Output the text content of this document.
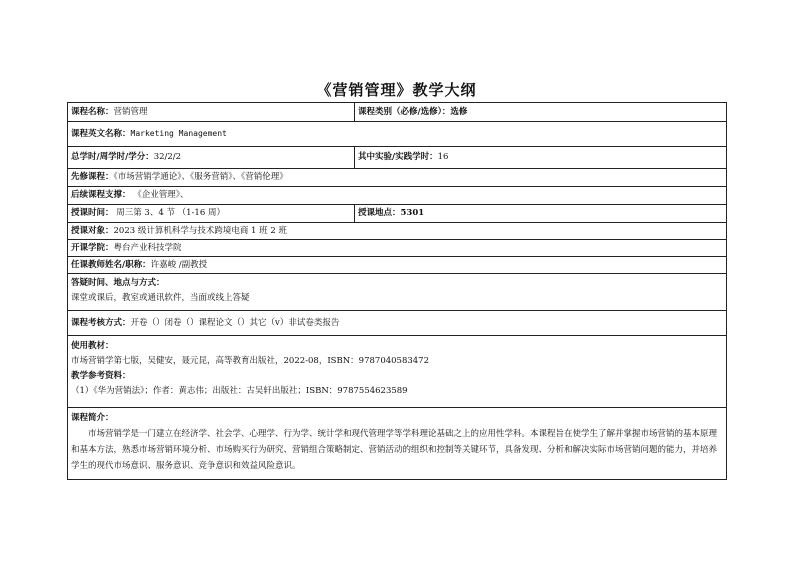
《营销管理》教学大纲
课程名称：营销管理	课程类别（必修/选修）：选修
课程英文名称：Marketing Management	
总学时/周学时/学分：32/2/2	其中实验/实践学时：16
先修课程：《市场营销学通论》、《服务营销》、《营销伦理》	
后续课程支撑： 《企业管理》、	
授课时间： 周三第 3、4 节 （1-16 周）	授课地点：5301
授课对象：2023 级计算机科学与技术跨境电商 1 班 2 班	
开课学院：粤台产业科技学院	
任课教师姓名/职称：许嘉峻 /副教授	

答疑时间、地点与方式：
课堂或课后，教室或通讯软件，当面或线上答疑	

课程考核方式：开卷（）闭卷（）课程论文（）其它（v）非试卷类报告	

使用教材：
市场营销学第七版，吴健安，聂元昆，高等教育出版社，2022-08，ISBN：9787040583472
教学参考资料：
（1）《华为营销法》；作者：黄志伟；出版社：古吴轩出版社；ISBN：9787554623589	

课程简介：
市场营销学是一门建立在经济学、社会学、心理学、行为学、统计学和现代管理学等学科理论基础之上的应用性学科。本课程旨在使学生了解并掌握市场营销的基本原理和基本方法，熟悉市场营销环境分析、市场购买行为研究、营销组合策略制定、营销活动的组织和控制等关键环节，具备发现、分析和解决实际市场营销问题的能力，并培养学生的现代市场意识、服务意识、竞争意识和效益风险意识。	
